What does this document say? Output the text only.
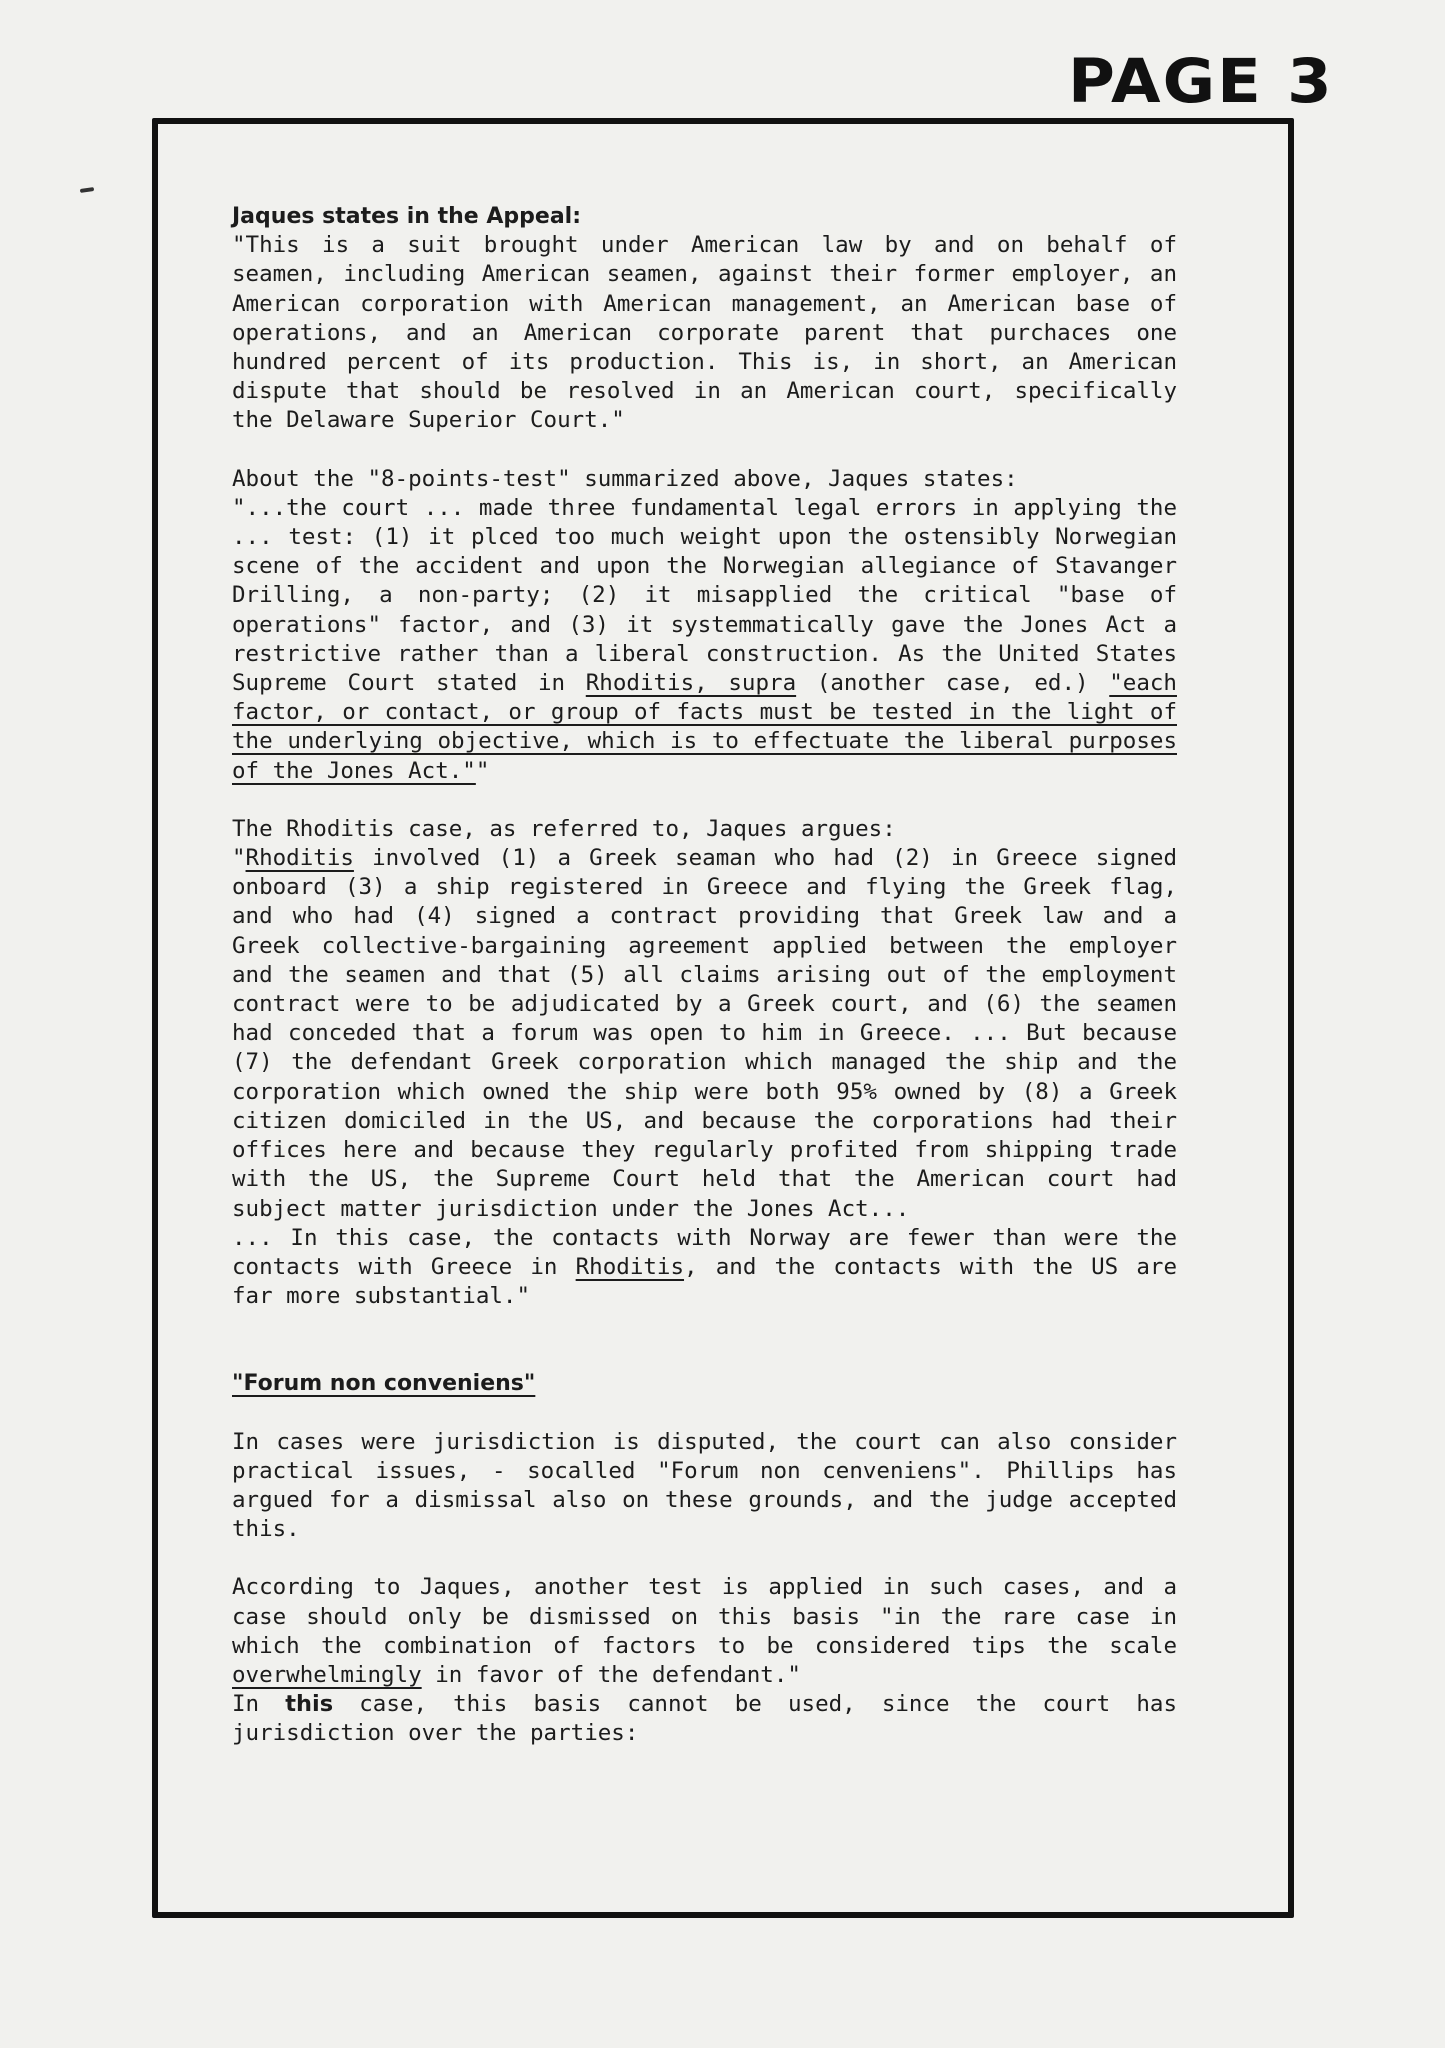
PAGE 3
Jaques states in the Appeal:

"This is a suit brought under American law by and on behalf of seamen, including American seamen, against their former employer, an American corporation with American management, an American base of operations, and an American corporate parent that purchaces one hundred percent of its production. This is, in short, an American dispute that should be resolved in an American court, specifically the Delaware Superior Court."

About the "8-points-test" summarized above, Jaques states:

"...the court ... made three fundamental legal errors in applying the ... test: (1) it plced too much weight upon the ostensibly Norwegian scene of the accident and upon the Norwegian allegiance of Stavanger Drilling, a non-party; (2) it misapplied the critical "base of operations" factor, and (3) it systemmatically gave the Jones Act a restrictive rather than a liberal construction. As the United States Supreme Court stated in Rhoditis, supra (another case, ed.) "each factor, or contact, or group of facts must be tested in the light of the underlying objective, which is to effectuate the liberal purposes of the Jones Act.""

The Rhoditis case, as referred to, Jaques argues:

"Rhoditis involved (1) a Greek seaman who had (2) in Greece signed onboard (3) a ship registered in Greece and flying the Greek flag, and who had (4) signed a contract providing that Greek law and a Greek collective-bargaining agreement applied between the employer and the seamen and that (5) all claims arising out of the employment contract were to be adjudicated by a Greek court, and (6) the seamen had conceded that a forum was open to him in Greece. ... But because (7) the defendant Greek corporation which managed the ship and the corporation which owned the ship were both 95% owned by (8) a Greek citizen domiciled in the US, and because the corporations had their offices here and because they regularly profited from shipping trade with the US, the Supreme Court held that the American court had subject matter jurisdiction under the Jones Act...

... In this case, the contacts with Norway are fewer than were the contacts with Greece in Rhoditis, and the contacts with the US are far more substantial."

"Forum non conveniens"

In cases were jurisdiction is disputed, the court can also consider practical issues, - socalled "Forum non cenveniens". Phillips has argued for a dismissal also on these grounds, and the judge accepted this.

According to Jaques, another test is applied in such cases, and a case should only be dismissed on this basis "in the rare case in which the combination of factors to be considered tips the scale overwhelmingly in favor of the defendant."

In this case, this basis cannot be used, since the court has jurisdiction over the parties:
